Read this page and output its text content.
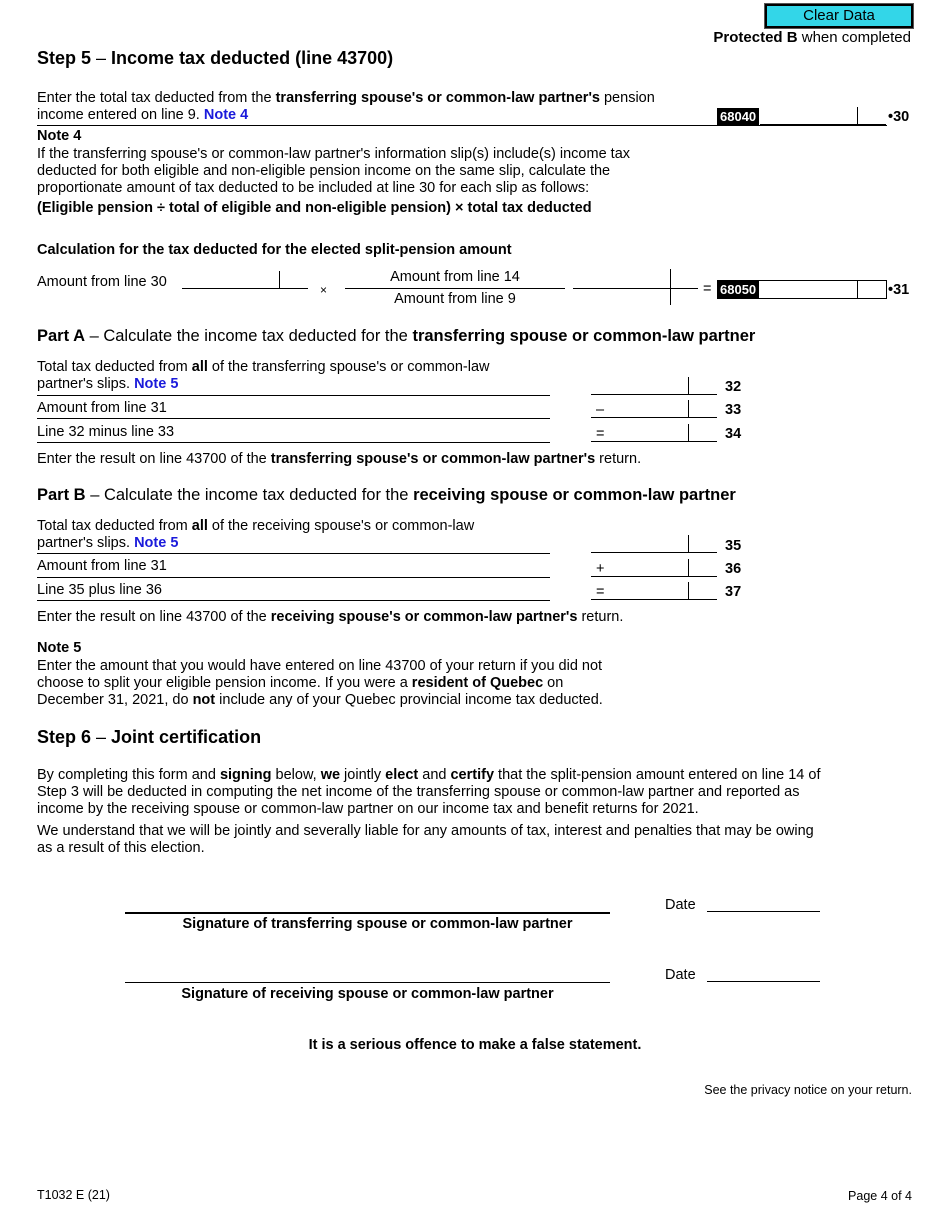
Clear Data
Protected B when completed
Step 5 – Income tax deducted (line 43700)
Enter the total tax deducted from the transferring spouse's or common-law partner's pension
income entered on line 9. Note 4	68040	•30
Note 4
If the transferring spouse's or common-law partner's information slip(s) include(s) income tax deducted for both eligible and non-eligible pension income on the same slip, calculate the proportionate amount of tax deducted to be included at line 30 for each slip as follows:
(Eligible pension ÷ total of eligible and non-eligible pension) × total tax deducted
Calculation for the tax deducted for the elected split-pension amount
Amount from line 30	×
Amount from line 14
Amount from line 9
= 68050	•31
Part A – Calculate the income tax deducted for the transferring spouse or common-law partner
Total tax deducted from all of the transferring spouse's or common-law
partner's slips. Note 5	32
Amount from line 31	–	33
Line 32 minus line 33	=	34
Enter the result on line 43700 of the transferring spouse's or common-law partner's return.
Part B – Calculate the income tax deducted for the receiving spouse or common-law partner
Total tax deducted from all of the receiving spouse's or common-law
partner's slips. Note 5	35
Amount from line 31	+	36
Line 35 plus line 36	=	37
Enter the result on line 43700 of the receiving spouse's or common-law partner's return.
Note 5
Enter the amount that you would have entered on line 43700 of your return if you did not
choose to split your eligible pension income. If you were a resident of Quebec on
December 31, 2021, do not include any of your Quebec provincial income tax deducted.
Step 6 – Joint certification
By completing this form and signing below, we jointly elect and certify that the split-pension amount entered on line 14 of
Step 3 will be deducted in computing the net income of the transferring spouse or common-law partner and reported as
income by the receiving spouse or common-law partner on our income tax and benefit returns for 2021.
We understand that we will be jointly and severally liable for any amounts of tax, interest and penalties that may be owing
as a result of this election.
Signature of transferring spouse or common-law partner
Date
Signature of receiving spouse or common-law partner
Date
It is a serious offence to make a false statement.
See the privacy notice on your return.
T1032 E (21)	Page 4 of 4
